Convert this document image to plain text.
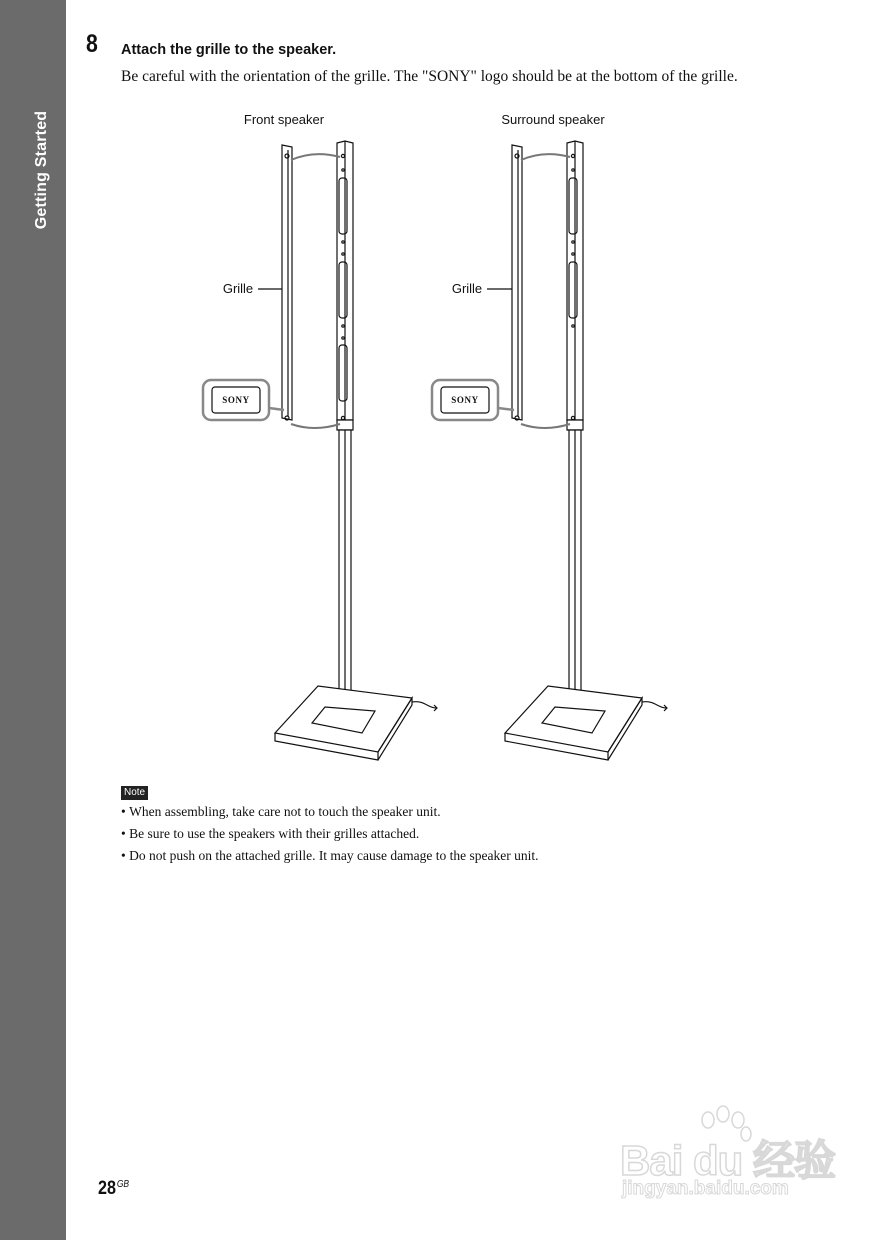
Getting Started
8 Attach the grille to the speaker.
Be careful with the orientation of the grille. The "SONY" logo should be at the bottom of the grille.
Front speaker
Grille
SONY
Surround speaker
Grille
SONY
Note
• When assembling, take care not to touch the speaker unit.
• Be sure to use the speakers with their grilles attached.
• Do not push on the attached grille. It may cause damage to the speaker unit.
$28^{GB}$
Bai du 经验
jingyan.baidu.com
